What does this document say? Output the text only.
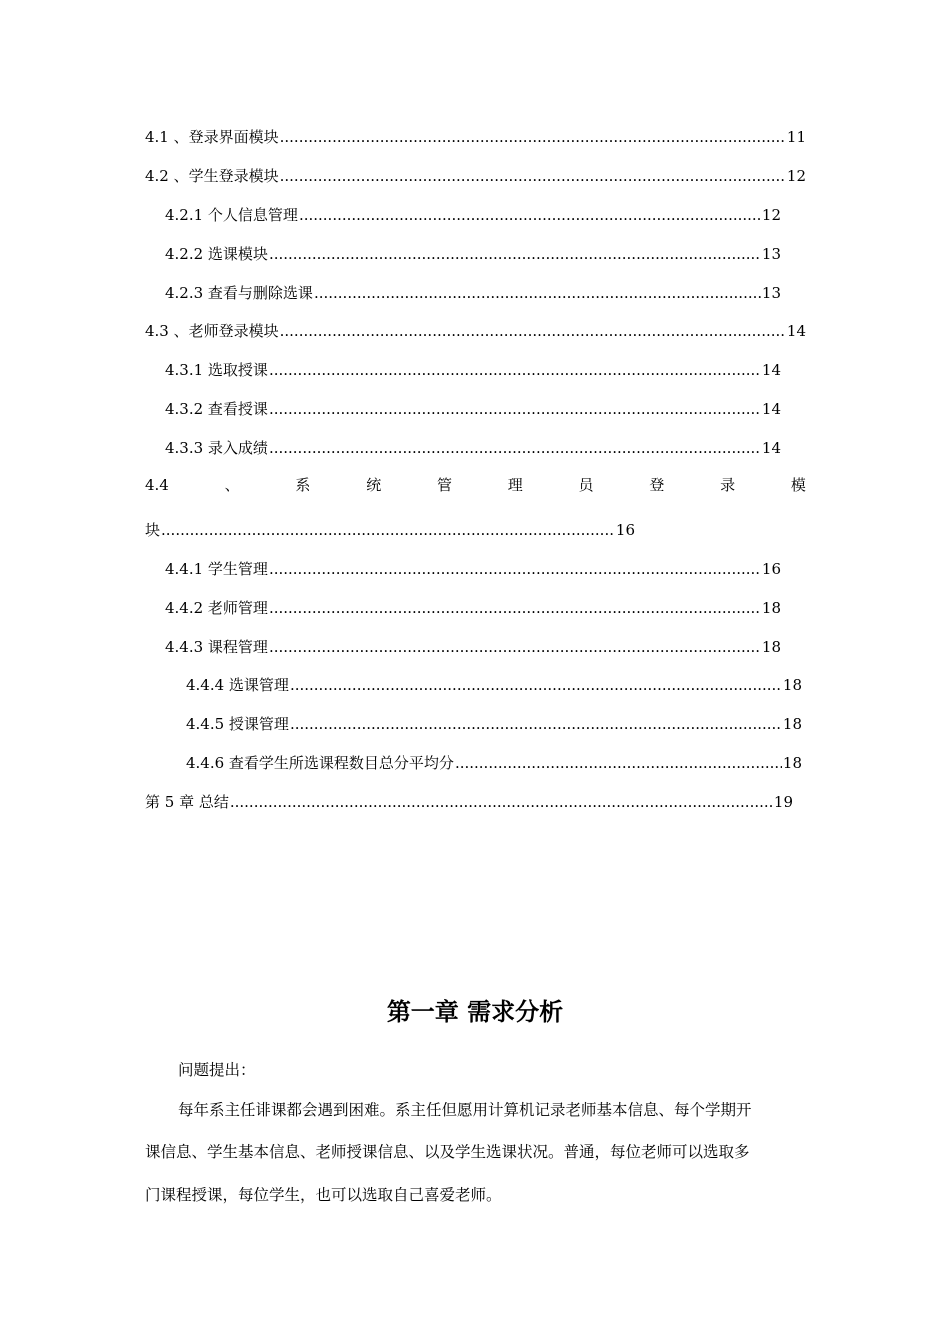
4.1 、登录界面模块 .....	11
4.2 、学生登录模块 .....	12
4.2.1 个人信息管理 .....	12
4.2.2 选课模块 .....	13
4.2.3 查看与删除选课 .....	13
4.3 、老师登录模块 .....	14
4.3.1 选取授课 .....	14
4.3.2 查看授课 .....	14
4.3.3 录入成绩 .....	14
4.4	、	系	统	管	理	员	登	录	模
块 .....	16
4.4.1 学生管理 .....	16
4.4.2 老师管理 .....	18
4.4.3 课程管理 .....	18
4.4.4 选课管理 .....	18
4.4.5 授课管理 .....	18
4.4.6 查看学生所选课程数目总分平均分 .....	18
第 5 章 总结 .....	19
第一章 需求分析
问题提出：
每年系主任诽课都会遇到困难。系主任但愿用计算机记录老师基本信息、每个学期开
课信息、学生基本信息、老师授课信息、以及学生选课状况。普通，每位老师可以选取多
门课程授课，每位学生，也可以选取自己喜爱老师。
